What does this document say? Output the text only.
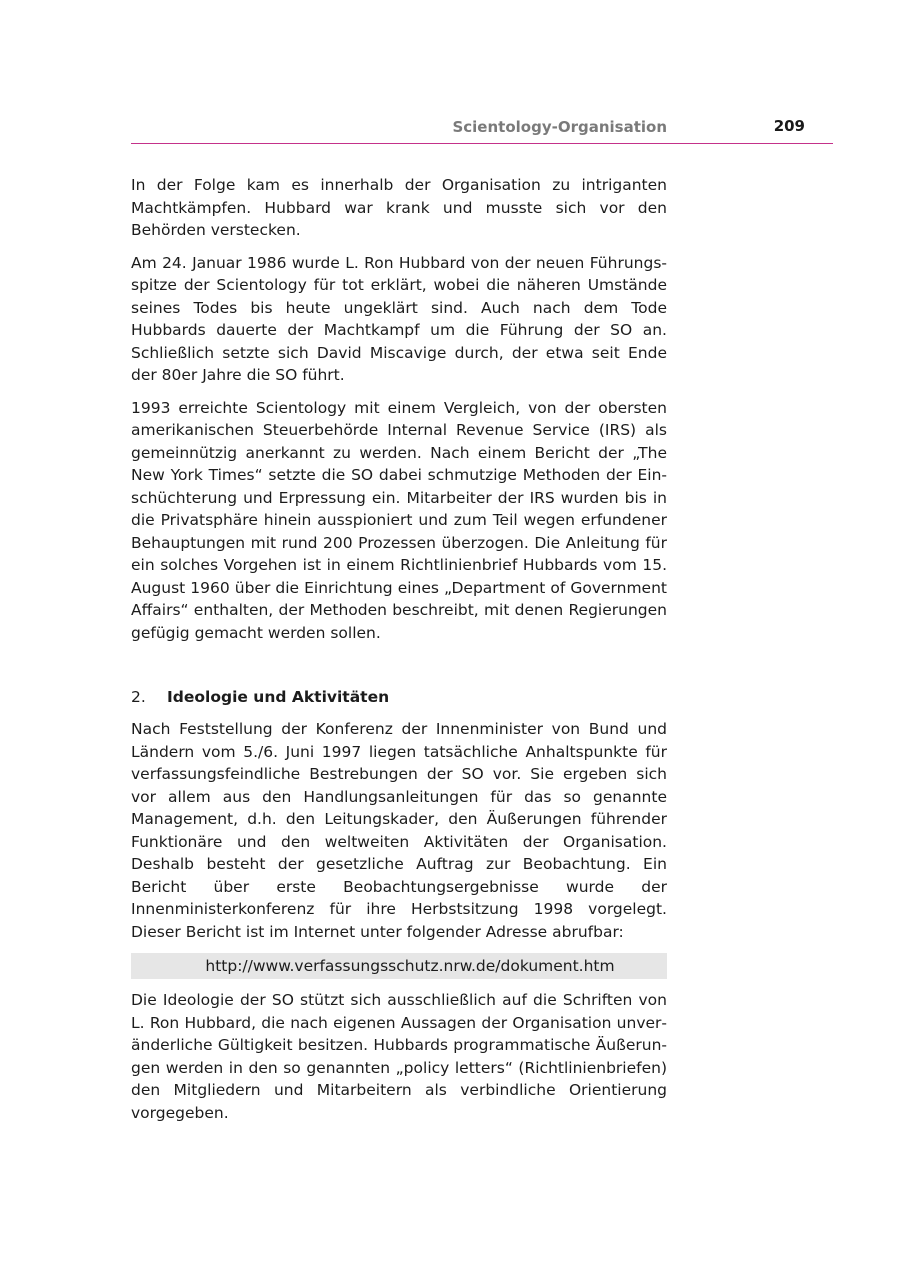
Scientology-Organisation	209

In der Folge kam es innerhalb der Organisation zu intriganten Machtkämpfen. Hubbard war krank und musste sich vor den Behörden verstecken.

Am 24. Januar 1986 wurde L. Ron Hubbard von der neuen Führungsspitze der Scientology für tot erklärt, wobei die näheren Umstände seines Todes bis heute ungeklärt sind. Auch nach dem Tode Hubbards dauerte der Machtkampf um die Führung der SO an. Schließlich setzte sich David Miscavige durch, der etwa seit Ende der 80er Jahre die SO führt.

1993 erreichte Scientology mit einem Vergleich, von der obersten amerikanischen Steuerbehörde Internal Revenue Service (IRS) als gemeinnützig anerkannt zu werden. Nach einem Bericht der „The New York Times“ setzte die SO dabei schmutzige Methoden der Einschüchterung und Erpressung ein. Mitarbeiter der IRS wurden bis in die Privatsphäre hinein ausspioniert und zum Teil wegen erfundener Behauptungen mit rund 200 Prozessen überzogen. Die Anleitung für ein solches Vorgehen ist in einem Richtlinienbrief Hubbards vom 15. August 1960 über die Einrichtung eines „Department of Government Affairs“ enthalten, der Methoden beschreibt, mit denen Regierungen gefügig gemacht werden sollen.

2.	Ideologie und Aktivitäten

Nach Feststellung der Konferenz der Innenminister von Bund und Ländern vom 5./6. Juni 1997 liegen tatsächliche Anhaltspunkte für verfassungsfeindliche Bestrebungen der SO vor. Sie ergeben sich vor allem aus den Handlungsanleitungen für das so genannte Management, d.h. den Leitungskader, den Äußerungen führender Funktionäre und den weltweiten Aktivitäten der Organisation. Deshalb besteht der gesetzliche Auftrag zur Beobachtung. Ein Bericht über erste Beobachtungsergebnisse wurde der Innenministerkonferenz für ihre Herbstsitzung 1998 vorgelegt. Dieser Bericht ist im Internet unter folgender Adresse abrufbar:

http://www.verfassungsschutz.nrw.de/dokument.htm

Die Ideologie der SO stützt sich ausschließlich auf die Schriften von L. Ron Hubbard, die nach eigenen Aussagen der Organisation unveränderliche Gültigkeit besitzen. Hubbards programmatische Äußerungen werden in den so genannten „policy letters“ (Richtlinienbriefen) den Mitgliedern und Mitarbeitern als verbindliche Orientierung vorgegeben.
